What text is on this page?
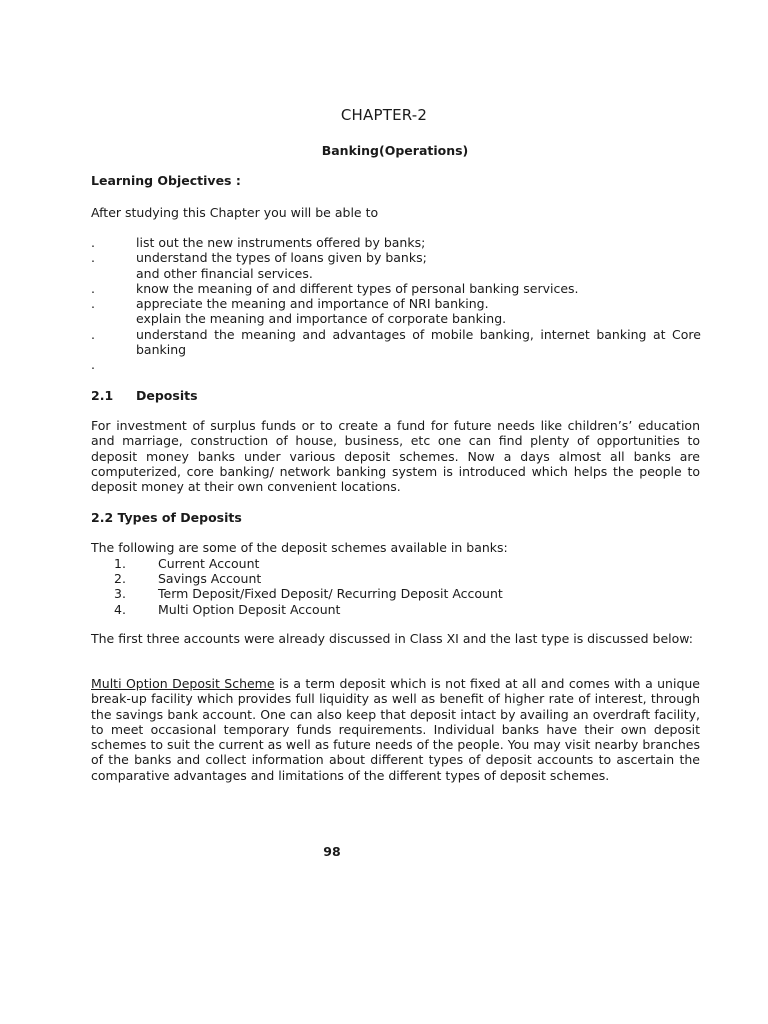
CHAPTER-2
Banking(Operations)
Learning Objectives :
After studying this Chapter you will be able to
.	list out the new instruments offered by banks;
.	understand the types of loans given by banks;
and other financial services.
.	know the meaning of and different types of personal banking services.
.	appreciate the meaning and importance of NRI banking.
explain the meaning and importance of corporate banking.
.	understand the meaning and advantages of mobile banking, internet banking at Core banking
.
2.1 Deposits

For investment of surplus funds or to create a fund for future needs like children’s’ education and marriage, construction of house, business, etc one can find plenty of opportunities to deposit money banks under various deposit schemes. Now a days almost all banks are computerized, core banking/ network banking system is introduced which helps the people to deposit money at their own convenient locations.

2.2 Types of Deposits
The following are some of the deposit schemes available in banks:
1.	Current Account
2.	Savings Account
3.	Term Deposit/Fixed Deposit/ Recurring Deposit Account
4.	Multi Option Deposit Account

The first three accounts were already discussed in Class XI and the last type is discussed below:

Multi Option Deposit Scheme is a term deposit which is not fixed at all and comes with a unique break-up facility which provides full liquidity as well as benefit of higher rate of interest, through the savings bank account. One can also keep that deposit intact by availing an overdraft facility, to meet occasional temporary funds requirements. Individual banks have their own deposit schemes to suit the current as well as future needs of the people. You may visit nearby branches of the banks and collect information about different types of deposit accounts to ascertain the comparative advantages and limitations of the different types of deposit schemes.

98
